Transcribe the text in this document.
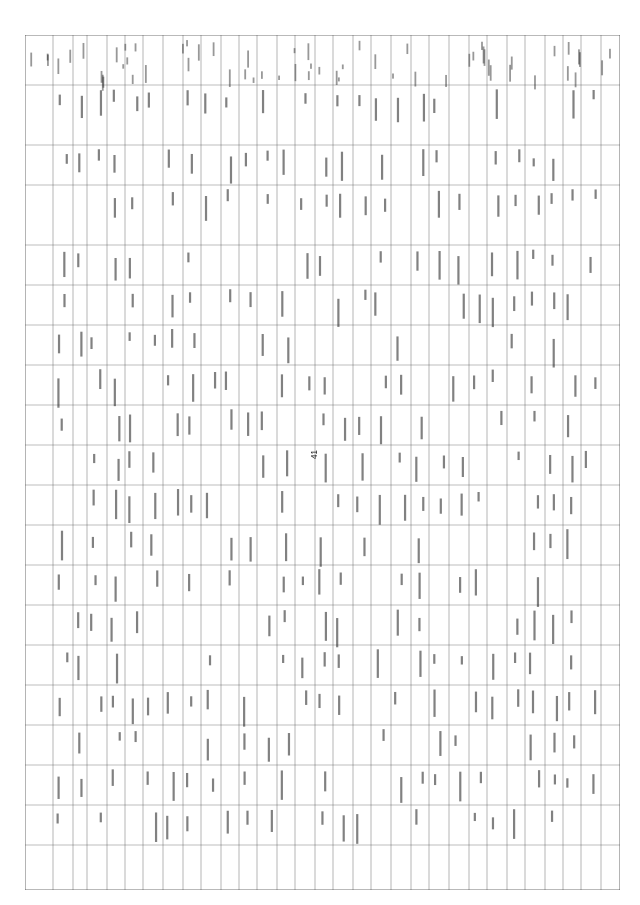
41
